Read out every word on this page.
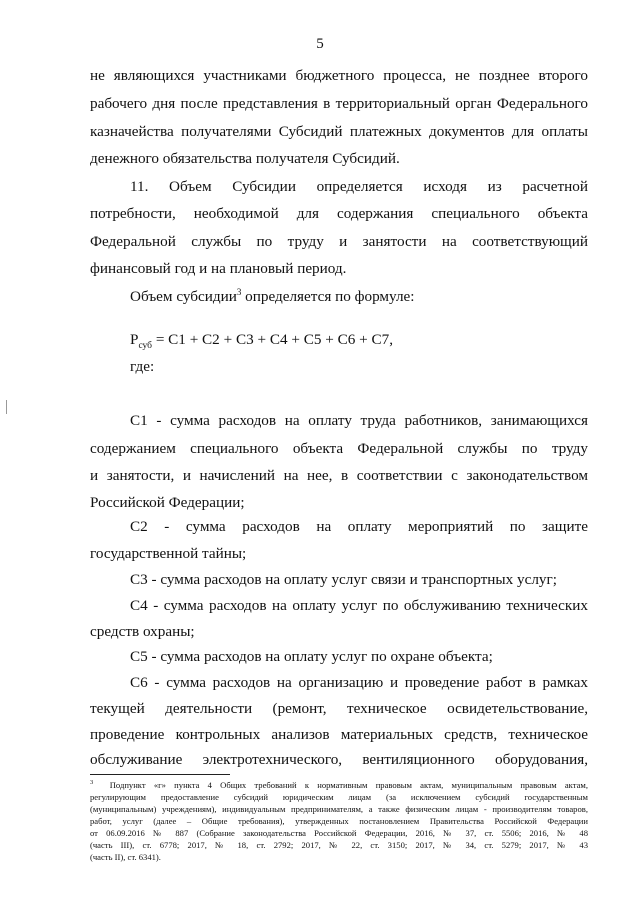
5
не являющихся участниками бюджетного процесса, не позднее второго
рабочего дня после представления в территориальный орган Федерального
казначейства получателями Субсидий платежных документов для оплаты
денежного обязательства получателя Субсидий.
11. Объем Субсидии определяется исходя из расчетной
потребности, необходимой для содержания специального объекта
Федеральной службы по труду и занятости на соответствующий
финансовый год и на плановый период.
Объем субсидии$^3$ определяется по формуле:
$P_{суб} = C1 + C2 + C3 + C4 + C5 + C6 + C7$,
где:
C1 - сумма расходов на оплату труда работников, занимающихся
содержанием специального объекта Федеральной службы по труду
и занятости, и начислений на нее, в соответствии с законодательством
Российской Федерации;
C2 - сумма расходов на оплату мероприятий по защите
государственной тайны;
C3 - сумма расходов на оплату услуг связи и транспортных услуг;
C4 - сумма расходов на оплату услуг по обслуживанию технических
средств охраны;
C5 - сумма расходов на оплату услуг по охране объекта;
C6 - сумма расходов на организацию и проведение работ в рамках
текущей деятельности (ремонт, техническое освидетельствование,
проведение контрольных анализов материальных средств, техническое
обслуживание электротехнического, вентиляционного оборудования,
$^3$ Подпункт «г» пункта 4 Общих требований к нормативным правовым актам, муниципальным правовым актам,
регулирующим предоставление субсидий юридическим лицам (за исключением субсидий государственным
(муниципальным) учреждениям), индивидуальным предпринимателям, а также физическим лицам - производителям товаров,
работ, услуг (далее – Общие требования), утвержденных постановлением Правительства Российской Федерации
от 06.09.2016 № 887 (Собрание законодательства Российской Федерации, 2016, № 37, ст. 5506; 2016, № 48
(часть III), ст. 6778; 2017, № 18, ст. 2792; 2017, № 22, ст. 3150; 2017, № 34, ст. 5279; 2017, № 43
(часть II), ст. 6341).
